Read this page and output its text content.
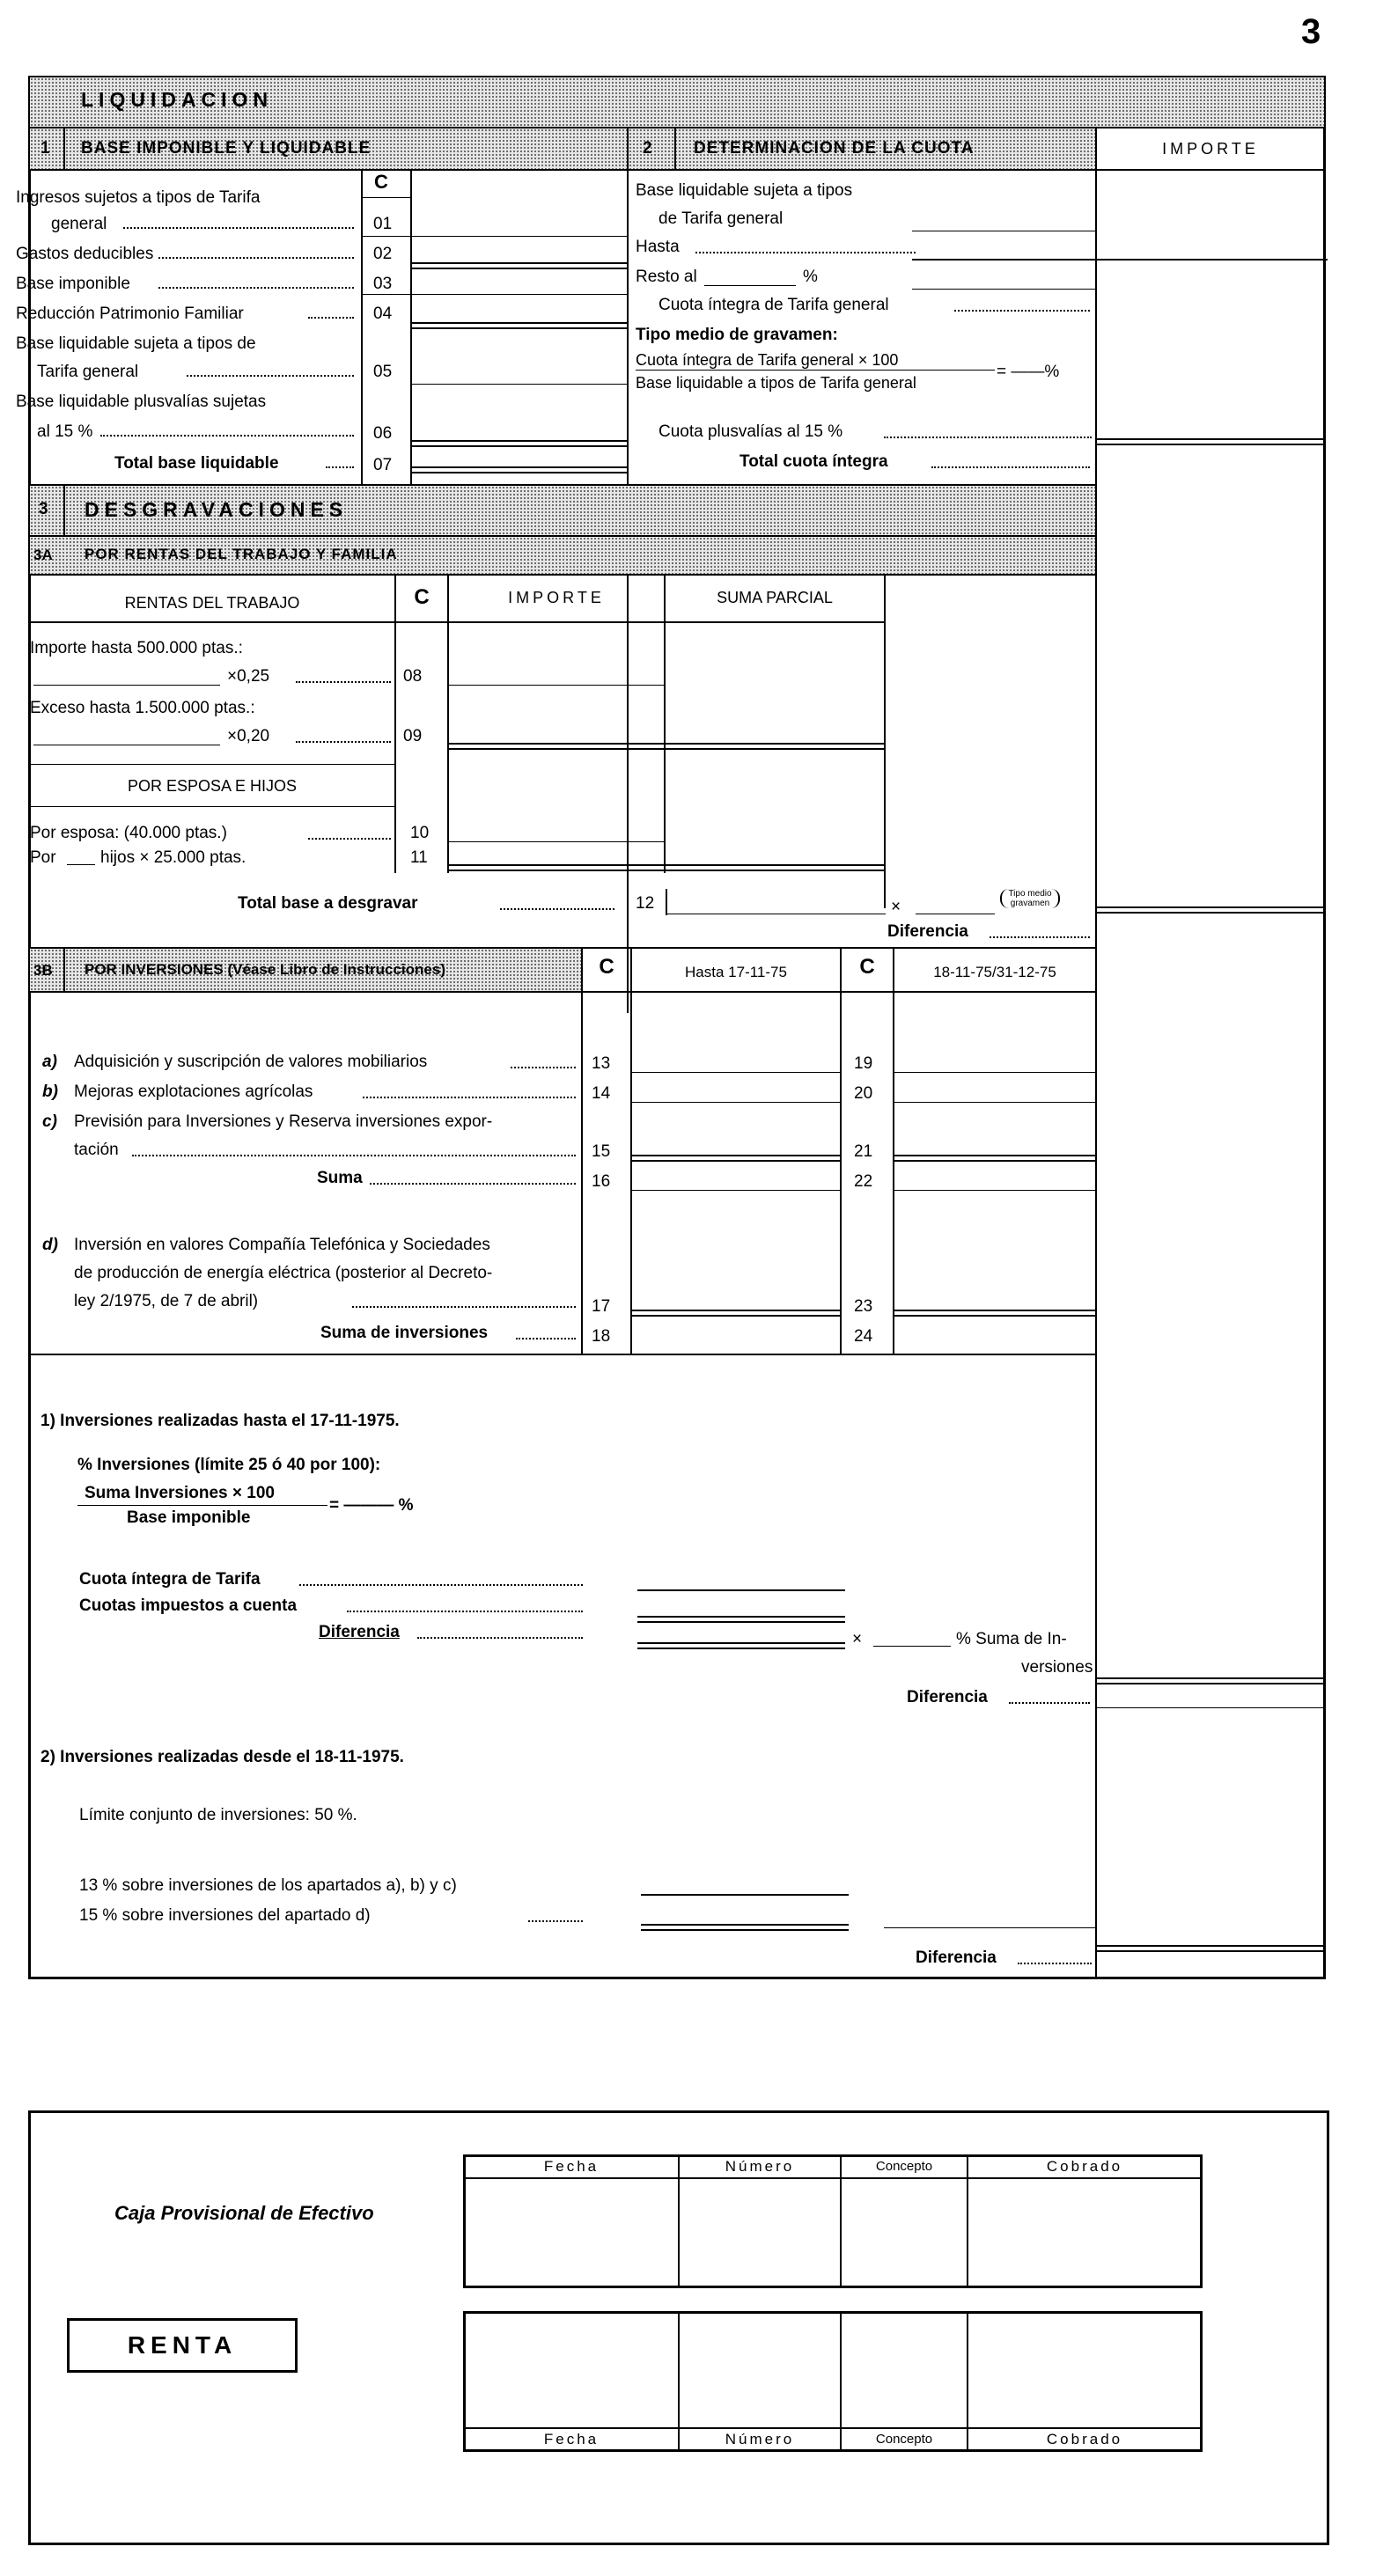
3
LIQUIDACION
1 BASE IMPONIBLE Y LIQUIDABLE	2 DETERMINACION DE LA CUOTA	IMPORTE
C
Ingresos sujetos a tipos de Tarifa
general	01
Gastos deducibles	02
Base imponible	03
Reducción Patrimonio Familiar	04
Base liquidable sujeta a tipos de
Tarifa general	05
Base liquidable plusvalías sujetas
al 15 %	06
Total base liquidable	07
Base liquidable sujeta a tipos
de Tarifa general
Hasta
Resto al	%
Cuota íntegra de Tarifa general
Tipo medio de gravamen:
Cuota íntegra de Tarifa general × 100
Base liquidable a tipos de Tarifa general
= ——%
Cuota plusvalías al 15 %
Total cuota íntegra
3 DESGRAVACIONES
3A POR RENTAS DEL TRABAJO Y FAMILIA
RENTAS DEL TRABAJO	C	IMPORTE	SUMA PARCIAL
Importe hasta 500.000 ptas.:
×0,25	08
Exceso hasta 1.500.000 ptas.:
×0,20	09
POR ESPOSA E HIJOS
Por esposa: (40.000 ptas.)	10
Por	hijos × 25.000 ptas.	11
Total base a desgravar	12	×
Tipo medio gravamen
Diferencia
3B POR INVERSIONES (Véase Libro de Instrucciones)	C	Hasta 17-11-75	C	18-11-75/31-12-75
a) Adquisición y suscripción de valores mobiliarios	13	19
b) Mejoras explotaciones agrícolas	14	20
c) Previsión para Inversiones y Reserva inversiones expor-
tación	15	21
Suma	16	22
d) Inversión en valores Compañía Telefónica y Sociedades
de producción de energía eléctrica (posterior al Decreto-
ley 2/1975, de 7 de abril)	17	23
Suma de inversiones	18	24
1) Inversiones realizadas hasta el 17-11-1975.
% Inversiones (límite 25 ó 40 por 100):
Suma Inversiones × 100
Base imponible
= ——— %
Cuota íntegra de Tarifa
Cuotas impuestos a cuenta
Diferencia	×	% Suma de In-
versiones
Diferencia
2) Inversiones realizadas desde el 18-11-1975.
Límite conjunto de inversiones: 50 %.
13 % sobre inversiones de los apartados a), b) y c)
15 % sobre inversiones del apartado d)
Diferencia
Caja Provisional de Efectivo
RENTA
Fecha	Número	Concepto	Cobrado
Fecha	Número	Concepto	Cobrado
